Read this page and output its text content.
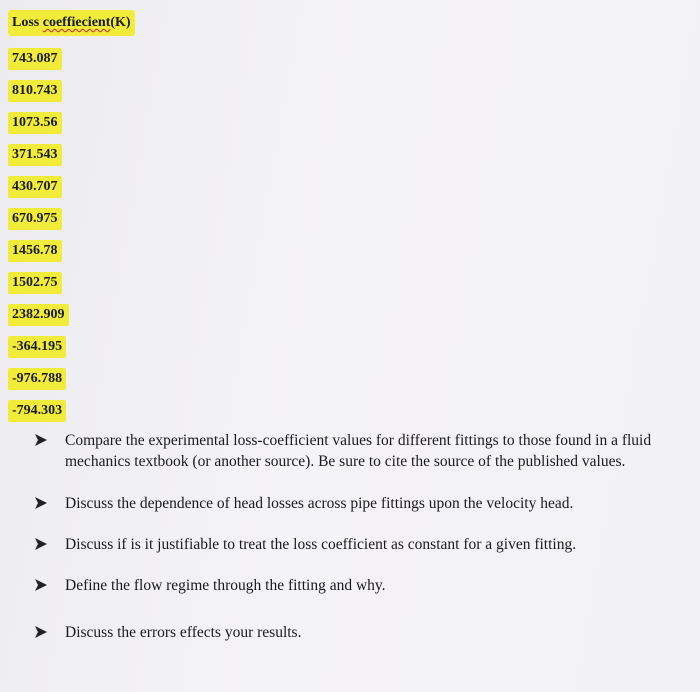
Loss coeffiecient(K)
743.087
810.743
1073.56
371.543
430.707
670.975
1456.78
1502.75
2382.909
-364.195
-976.788
-794.303

Compare the experimental loss-coefficient values for different fittings to those found in a fluid mechanics textbook (or another source). Be sure to cite the source of the published values.

Discuss the dependence of head losses across pipe fittings upon the velocity head.

Discuss if is it justifiable to treat the loss coefficient as constant for a given fitting.

Define the flow regime through the fitting and why.

Discuss the errors effects your results.
